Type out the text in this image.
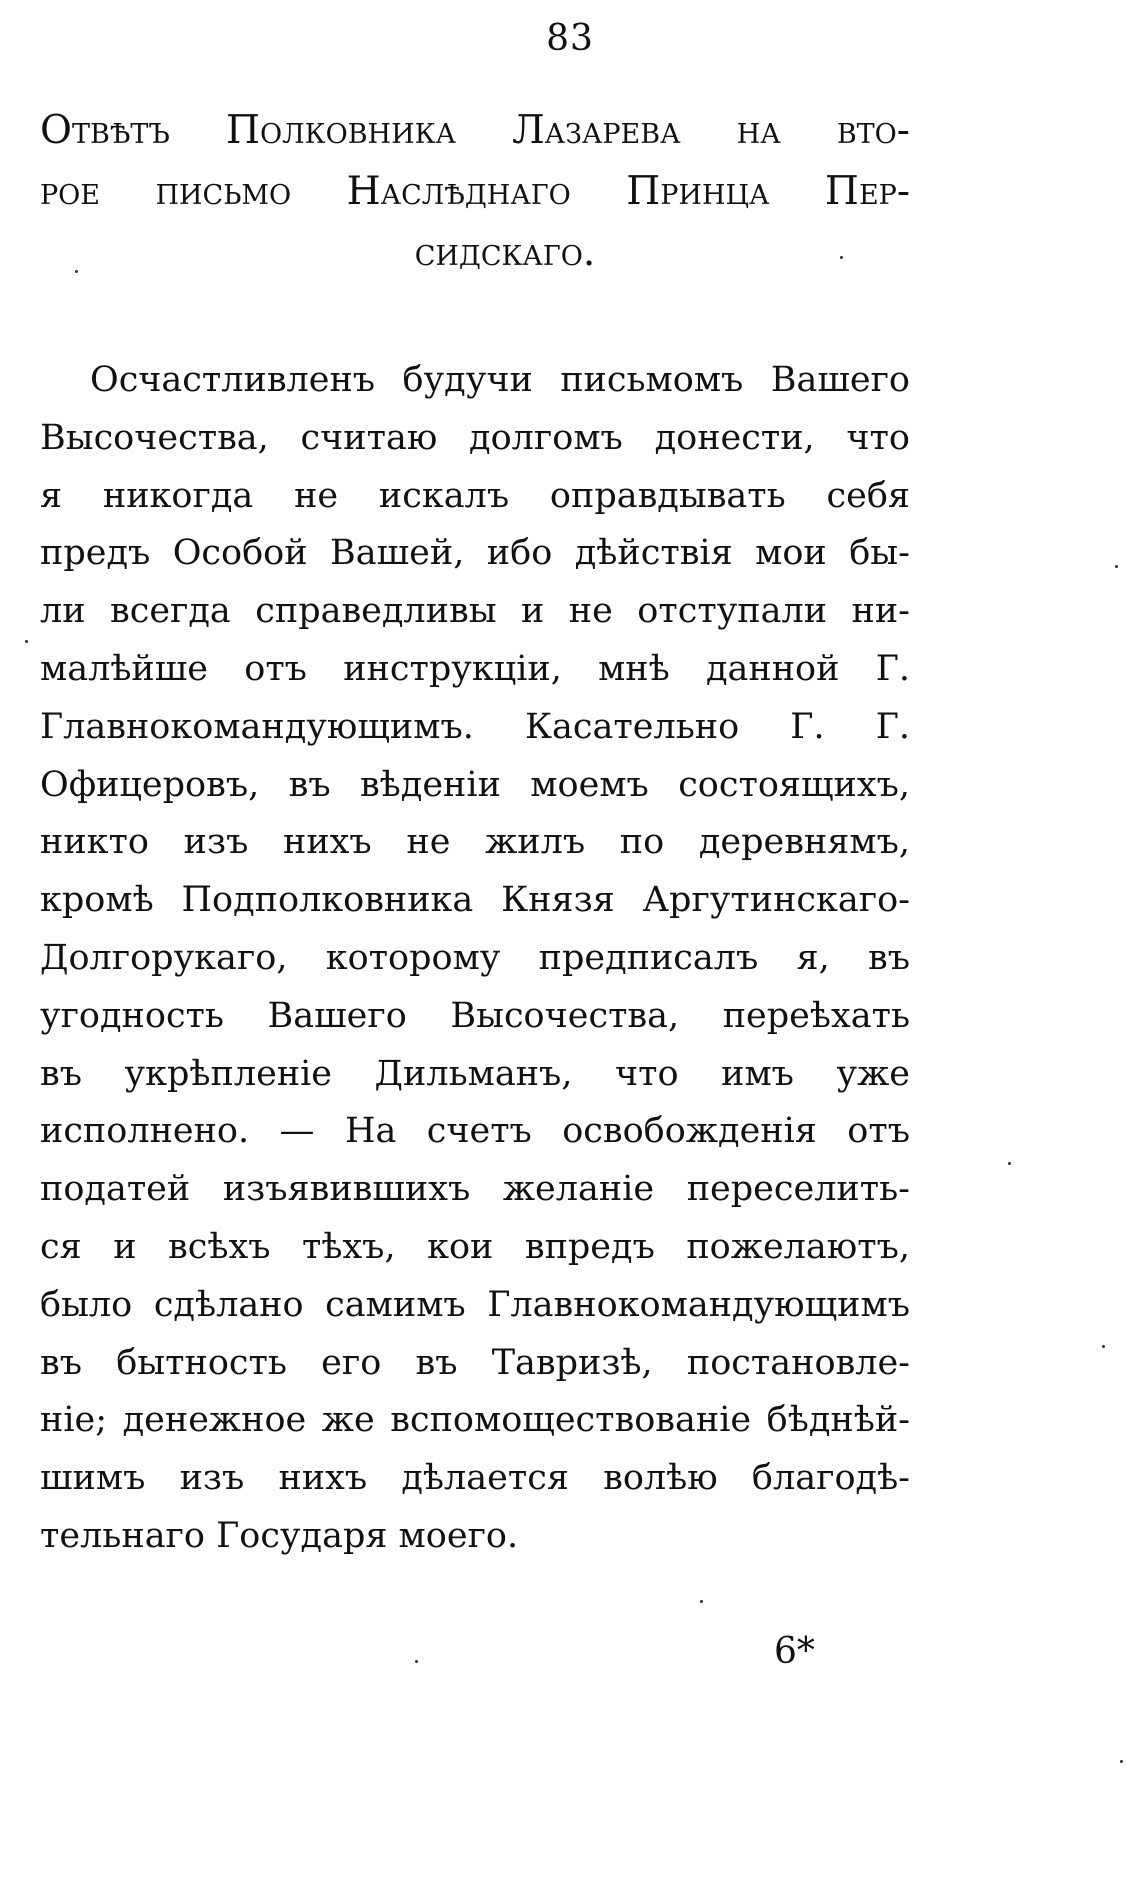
83
Отвѣтъ Полковника Лазарева на вто-
рое письмо Наслѣднаго Принца Пер-
сидскаго.
Осчастливленъ будучи письмомъ Вашего
Высочества, считаю долгомъ донести, что
я никогда не искалъ оправдывать себя
предъ Особой Вашей, ибо дѣйствія мои бы-
ли всегда справедливы и не отступали ни-
малѣйше отъ инструкціи, мнѣ данной Г.
Главнокомандующимъ. Касательно Г. Г.
Офицеровъ, въ вѣденіи моемъ состоящихъ,
никто изъ нихъ не жилъ по деревнямъ,
кромѣ Подполковника Князя Аргутинскаго-
Долгорукаго, которому предписалъ я, въ
угодность Вашего Высочества, переѣхать
въ укрѣпленіе Дильманъ, что имъ уже
исполнено. — На счетъ освобожденія отъ
податей изъявившихъ желаніе переселить-
ся и всѣхъ тѣхъ, кои впредъ пожелаютъ,
было сдѣлано самимъ Главнокомандующимъ
въ бытность его въ Тавризѣ, постановле-
ніе; денежное же вспомоществованіе бѣднѣй-
шимъ изъ нихъ дѣлается волѣю благодѣ-
тельнаго Государя моего.
6*
